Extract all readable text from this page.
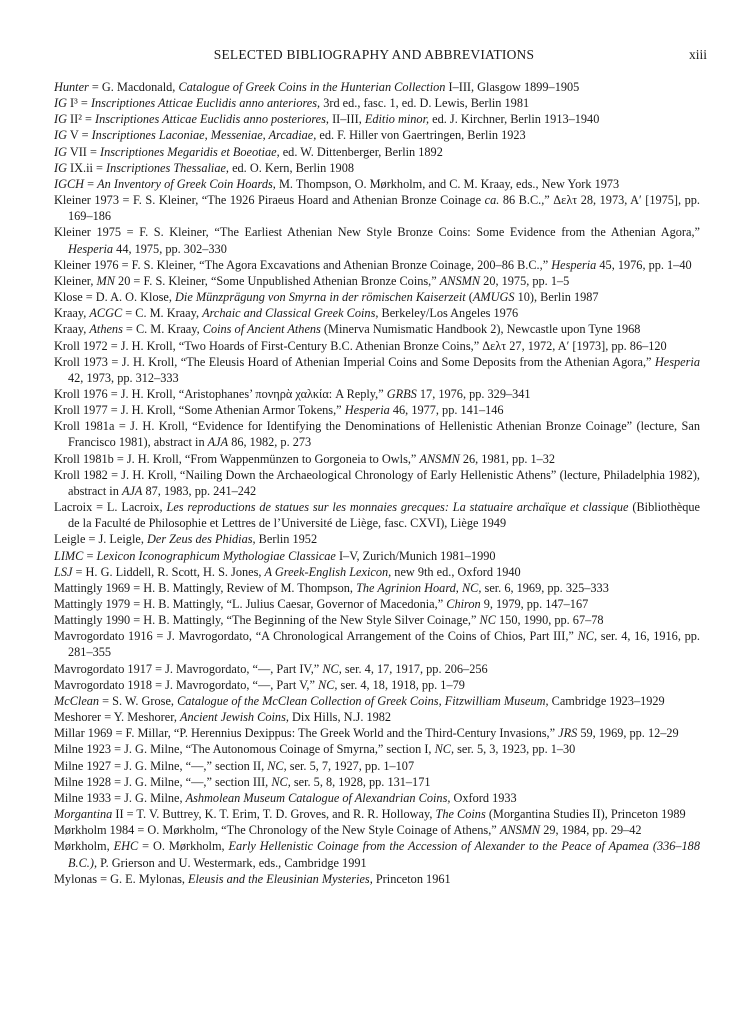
SELECTED BIBLIOGRAPHY AND ABBREVIATIONS	xiii

Hunter = G. Macdonald, Catalogue of Greek Coins in the Hunterian Collection I–III, Glasgow 1899–1905

IG I³ = Inscriptiones Atticae Euclidis anno anteriores, 3rd ed., fasc. 1, ed. D. Lewis, Berlin 1981

IG II² = Inscriptiones Atticae Euclidis anno posteriores, II–III, Editio minor, ed. J. Kirchner, Berlin 1913–1940

IG V = Inscriptiones Laconiae, Messeniae, Arcadiae, ed. F. Hiller von Gaertringen, Berlin 1923

IG VII = Inscriptiones Megaridis et Boeotiae, ed. W. Dittenberger, Berlin 1892

IG IX.ii = Inscriptiones Thessaliae, ed. O. Kern, Berlin 1908

IGCH = An Inventory of Greek Coin Hoards, M. Thompson, O. Mørkholm, and C. M. Kraay, eds., New York 1973

Kleiner 1973 = F. S. Kleiner, “The 1926 Piraeus Hoard and Athenian Bronze Coinage ca. 86 B.C.,” Δελτ 28, 1973, Α′ [1975], pp. 169–186

Kleiner 1975 = F. S. Kleiner, “The Earliest Athenian New Style Bronze Coins: Some Evidence from the Athenian Agora,” Hesperia 44, 1975, pp. 302–330

Kleiner 1976 = F. S. Kleiner, “The Agora Excavations and Athenian Bronze Coinage, 200–86 B.C.,” Hesperia 45, 1976, pp. 1–40

Kleiner, MN 20 = F. S. Kleiner, “Some Unpublished Athenian Bronze Coins,” ANSMN 20, 1975, pp. 1–5

Klose = D. A. O. Klose, Die Münzprägung von Smyrna in der römischen Kaiserzeit (AMUGS 10), Berlin 1987

Kraay, ACGC = C. M. Kraay, Archaic and Classical Greek Coins, Berkeley/Los Angeles 1976

Kraay, Athens = C. M. Kraay, Coins of Ancient Athens (Minerva Numismatic Handbook 2), Newcastle upon Tyne 1968

Kroll 1972 = J. H. Kroll, “Two Hoards of First-Century B.C. Athenian Bronze Coins,” Δελτ 27, 1972, Α′ [1973], pp. 86–120

Kroll 1973 = J. H. Kroll, “The Eleusis Hoard of Athenian Imperial Coins and Some Deposits from the Athenian Agora,” Hesperia 42, 1973, pp. 312–333

Kroll 1976 = J. H. Kroll, “Aristophanes’ πονηρὰ χαλκία: A Reply,” GRBS 17, 1976, pp. 329–341

Kroll 1977 = J. H. Kroll, “Some Athenian Armor Tokens,” Hesperia 46, 1977, pp. 141–146

Kroll 1981a = J. H. Kroll, “Evidence for Identifying the Denominations of Hellenistic Athenian Bronze Coinage” (lecture, San Francisco 1981), abstract in AJA 86, 1982, p. 273

Kroll 1981b = J. H. Kroll, “From Wappenmünzen to Gorgoneia to Owls,” ANSMN 26, 1981, pp. 1–32

Kroll 1982 = J. H. Kroll, “Nailing Down the Archaeological Chronology of Early Hellenistic Athens” (lecture, Philadelphia 1982), abstract in AJA 87, 1983, pp. 241–242

Lacroix = L. Lacroix, Les reproductions de statues sur les monnaies grecques: La statuaire archaïque et classique (Bibliothèque de la Faculté de Philosophie et Lettres de l’Université de Liège, fasc. CXVI), Liège 1949

Leigle = J. Leigle, Der Zeus des Phidias, Berlin 1952

LIMC = Lexicon Iconographicum Mythologiae Classicae I–V, Zurich/Munich 1981–1990

LSJ = H. G. Liddell, R. Scott, H. S. Jones, A Greek-English Lexicon, new 9th ed., Oxford 1940

Mattingly 1969 = H. B. Mattingly, Review of M. Thompson, The Agrinion Hoard, NC, ser. 6, 1969, pp. 325–333

Mattingly 1979 = H. B. Mattingly, “L. Julius Caesar, Governor of Macedonia,” Chiron 9, 1979, pp. 147–167

Mattingly 1990 = H. B. Mattingly, “The Beginning of the New Style Silver Coinage,” NC 150, 1990, pp. 67–78

Mavrogordato 1916 = J. Mavrogordato, “A Chronological Arrangement of the Coins of Chios, Part III,” NC, ser. 4, 16, 1916, pp. 281–355

Mavrogordato 1917 = J. Mavrogordato, “—, Part IV,” NC, ser. 4, 17, 1917, pp. 206–256

Mavrogordato 1918 = J. Mavrogordato, “—, Part V,” NC, ser. 4, 18, 1918, pp. 1–79

McClean = S. W. Grose, Catalogue of the McClean Collection of Greek Coins, Fitzwilliam Museum, Cambridge 1923–1929

Meshorer = Y. Meshorer, Ancient Jewish Coins, Dix Hills, N.J. 1982

Millar 1969 = F. Millar, “P. Herennius Dexippus: The Greek World and the Third-Century Invasions,” JRS 59, 1969, pp. 12–29

Milne 1923 = J. G. Milne, “The Autonomous Coinage of Smyrna,” section I, NC, ser. 5, 3, 1923, pp. 1–30

Milne 1927 = J. G. Milne, “—,” section II, NC, ser. 5, 7, 1927, pp. 1–107

Milne 1928 = J. G. Milne, “—,” section III, NC, ser. 5, 8, 1928, pp. 131–171

Milne 1933 = J. G. Milne, Ashmolean Museum Catalogue of Alexandrian Coins, Oxford 1933

Morgantina II = T. V. Buttrey, K. T. Erim, T. D. Groves, and R. R. Holloway, The Coins (Morgantina Studies II), Princeton 1989

Mørkholm 1984 = O. Mørkholm, “The Chronology of the New Style Coinage of Athens,” ANSMN 29, 1984, pp. 29–42

Mørkholm, EHC = O. Mørkholm, Early Hellenistic Coinage from the Accession of Alexander to the Peace of Apamea (336–188 B.C.), P. Grierson and U. Westermark, eds., Cambridge 1991

Mylonas = G. E. Mylonas, Eleusis and the Eleusinian Mysteries, Princeton 1961
